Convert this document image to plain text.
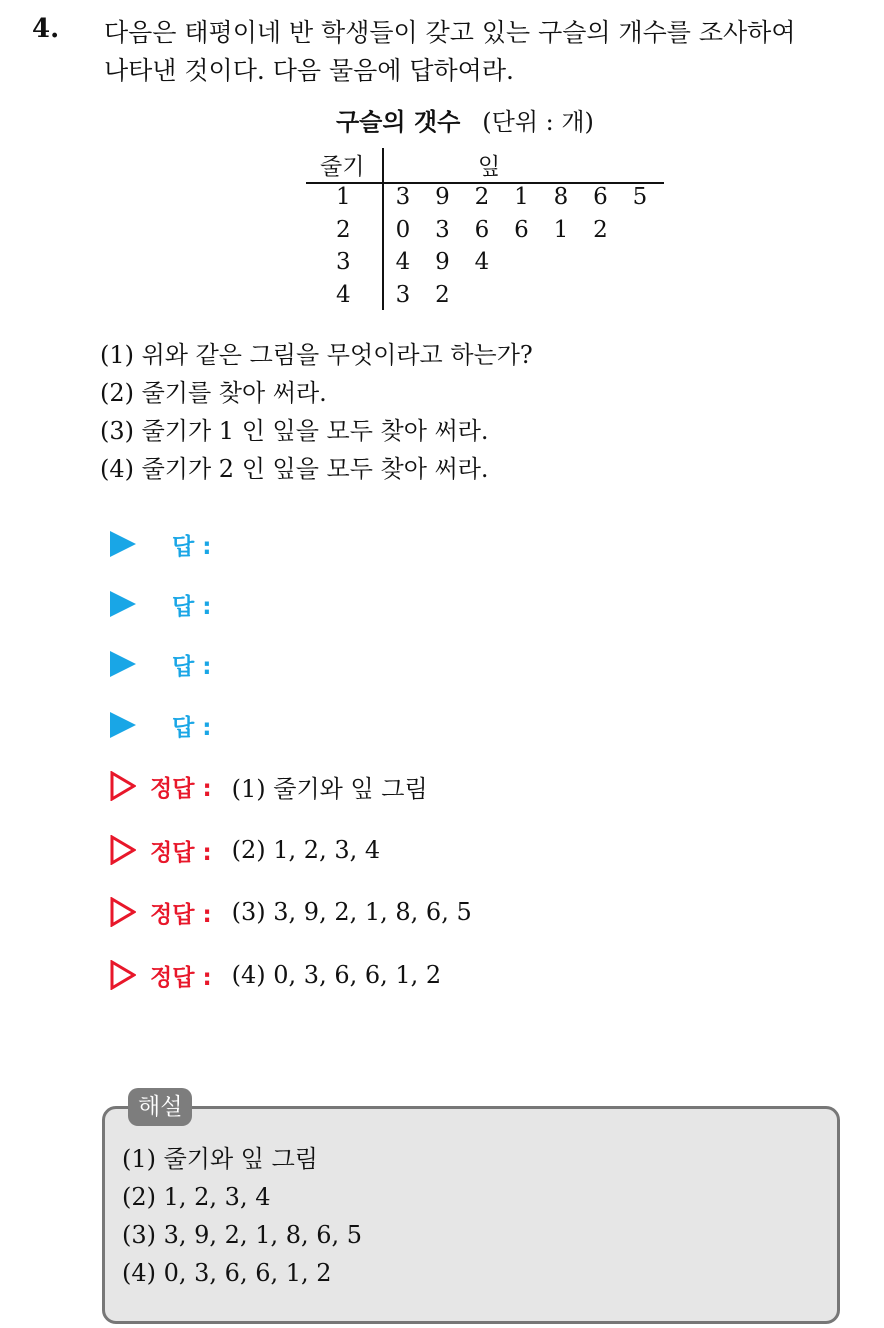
4. 다음은 태평이네 반 학생들이 갖고 있는 구슬의 개수를 조사하여
나타낸 것이다. 다음 물음에 답하여라.
구슬의 갯수 (단위 : 개)
줄기	잎
1 3 9 2 1 8 6 5
2 0 3 6 6 1 2
3 4 9 4
4 3 2
(1) 위와 같은 그림을 무엇이라고 하는가?
(2) 줄기를 찾아 써라.
(3) 줄기가 1 인 잎을 모두 찾아 써라.
(4) 줄기가 2 인 잎을 모두 찾아 써라.
답 :
답 :
답 :
답 :
정답 : (1) 줄기와 잎 그림
정답 : (2) 1, 2, 3, 4
정답 : (3) 3, 9, 2, 1, 8, 6, 5
정답 : (4) 0, 3, 6, 6, 1, 2
해설
(1) 줄기와 잎 그림
(2) 1, 2, 3, 4
(3) 3, 9, 2, 1, 8, 6, 5
(4) 0, 3, 6, 6, 1, 2
